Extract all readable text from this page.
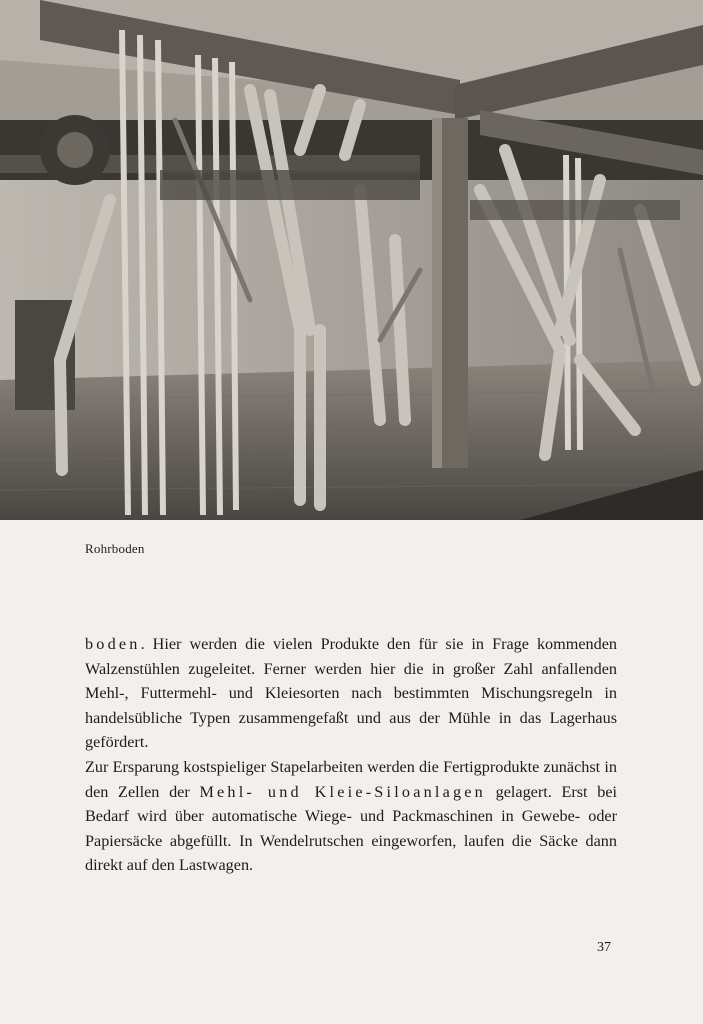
Rohrboden

boden. Hier werden die vielen Produkte den für sie in Frage kommenden Walzenstühlen zugeleitet. Ferner werden hier die in großer Zahl anfallenden Mehl-, Futtermehl- und Kleiesorten nach bestimmten Mischungsregeln in handelsübliche Typen zusammengefaßt und aus der Mühle in das Lagerhaus gefördert.

Zur Ersparung kostspieliger Stapelarbeiten werden die Fertigprodukte zunächst in den Zellen der Mehl- und Kleie-Siloanlagen gelagert. Erst bei Bedarf wird über automatische Wiege- und Packmaschinen in Gewebe- oder Papiersäcke abgefüllt. In Wendelrutschen eingeworfen, laufen die Säcke dann direkt auf den Lastwagen.

37
